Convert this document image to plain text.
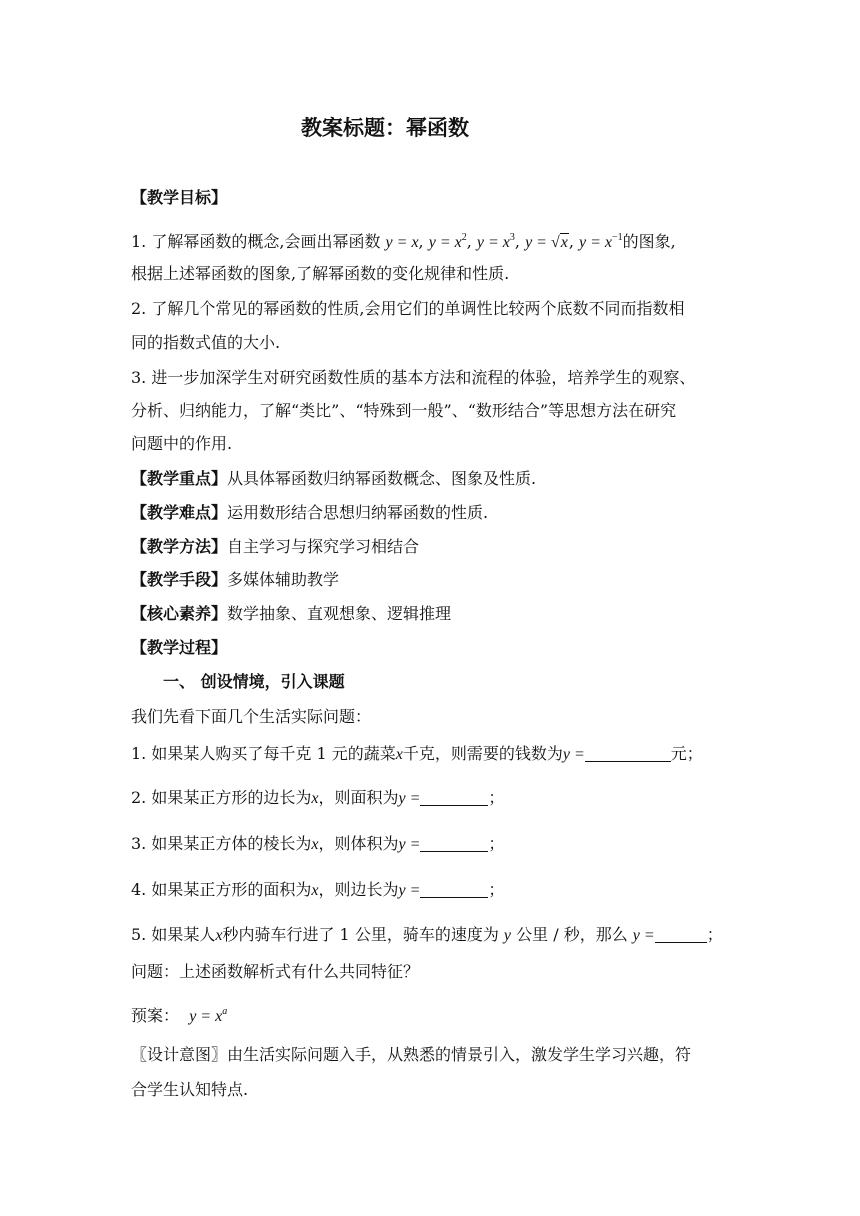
教案标题：幂函数
【教学目标】
1. 了解幂函数的概念,会画出幂函数 y = x, $y = x^2$, $y = x^3$, y = √x, $y = x^{-1}$的图象,
根据上述幂函数的图象,了解幂函数的变化规律和性质.
2. 了解几个常见的幂函数的性质,会用它们的单调性比较两个底数不同而指数相
同的指数式值的大小.
3. 进一步加深学生对研究函数性质的基本方法和流程的体验，培养学生的观察、
分析、归纳能力，了解“类比”、“特殊到一般”、“数形结合”等思想方法在研究
问题中的作用.
【教学重点】从具体幂函数归纳幂函数概念、图象及性质.
【教学难点】运用数形结合思想归纳幂函数的性质.
【教学方法】自主学习与探究学习相结合
【教学手段】多媒体辅助教学
【核心素养】数学抽象、直观想象、逻辑推理
【教学过程】
一、 创设情境，引入课题
我们先看下面几个生活实际问题：
1. 如果某人购买了每千克 1 元的蔬菜x千克，则需要的钱数为y =	元；
2. 如果某正方形的边长为x，则面积为y =	；
3. 如果某正方体的棱长为x，则体积为y =	；
4. 如果某正方形的面积为x，则边长为y =	；
5. 如果某人x秒内骑车行进了 1 公里，骑车的速度为 y 公里 / 秒，那么 y =	；
问题：上述函数解析式有什么共同特征？
预案： $y = x^a$
〖设计意图〗由生活实际问题入手，从熟悉的情景引入，激发学生学习兴趣，符
合学生认知特点.
